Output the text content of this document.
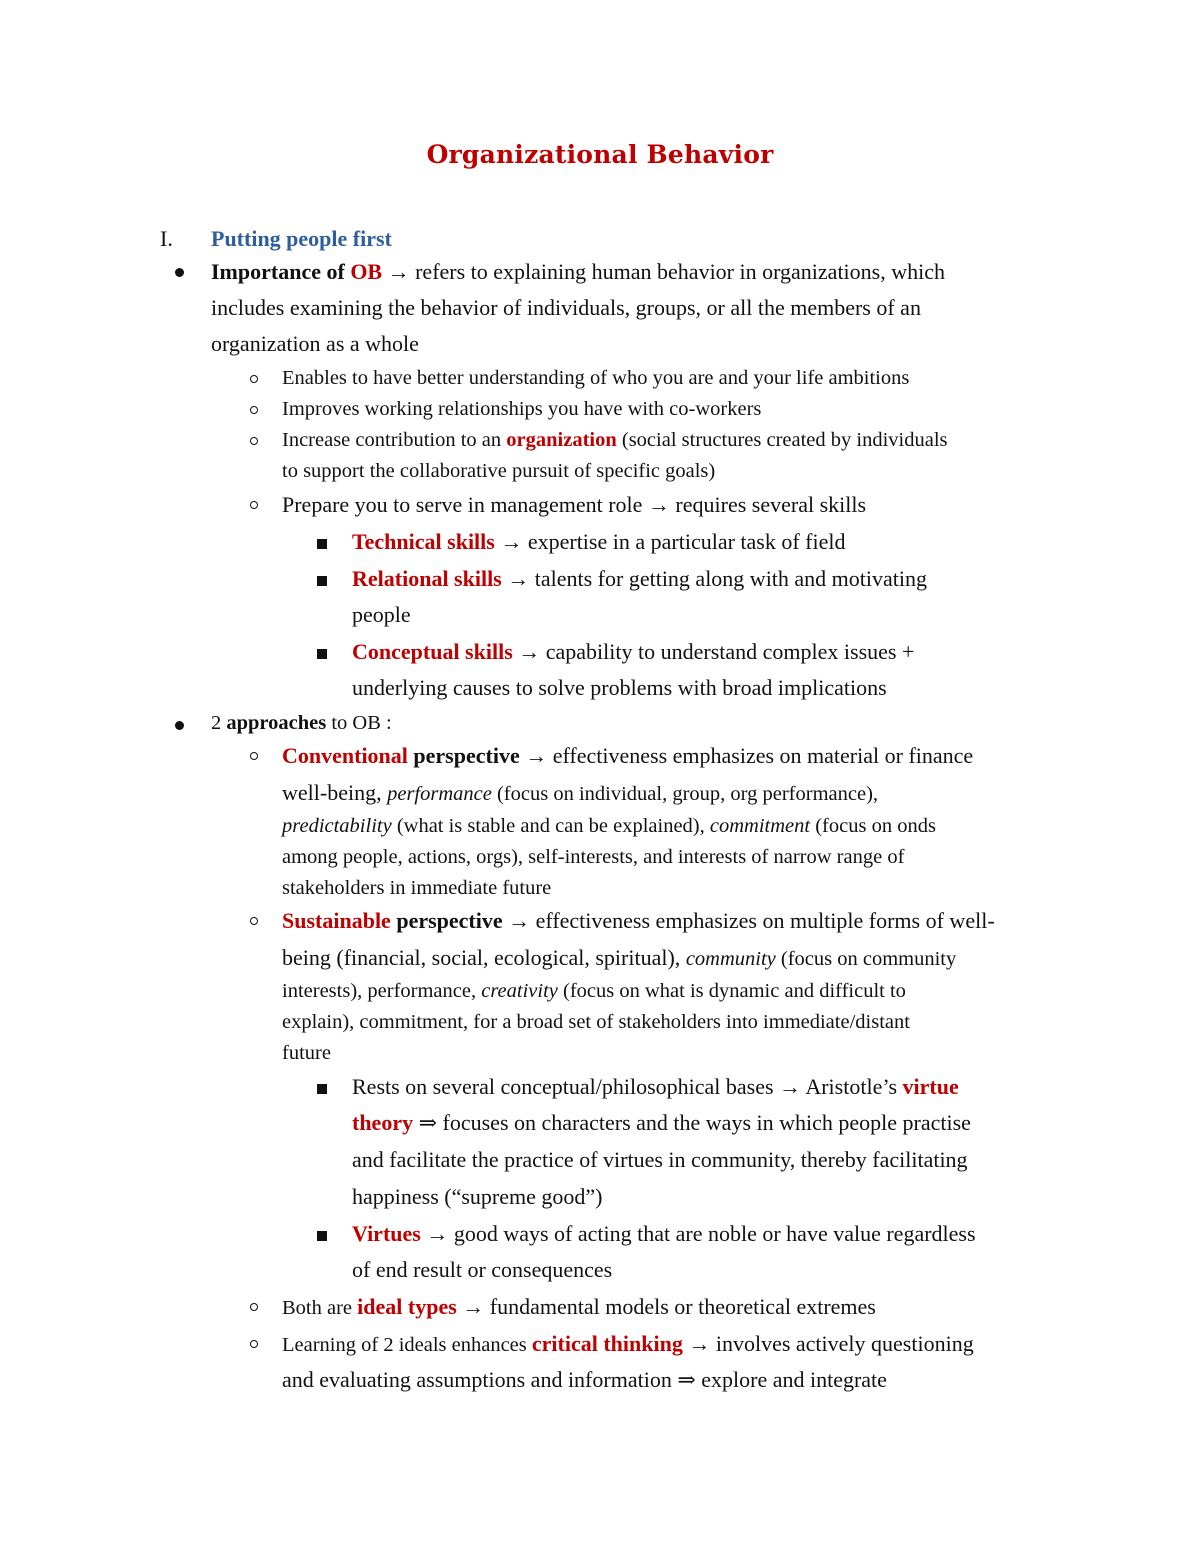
Organizational Behavior
I. Putting people first
Importance of OB → refers to explaining human behavior in organizations, which
includes examining the behavior of individuals, groups, or all the members of an
organization as a whole
Enables to have better understanding of who you are and your life ambitions
Improves working relationships you have with co-workers
Increase contribution to an organization (social structures created by individuals
to support the collaborative pursuit of specific goals)
Prepare you to serve in management role → requires several skills
Technical skills → expertise in a particular task of field
Relational skills → talents for getting along with and motivating
people
Conceptual skills → capability to understand complex issues +
underlying causes to solve problems with broad implications
2 approaches to OB :
Conventional perspective → effectiveness emphasizes on material or finance
well-being, performance (focus on individual, group, org performance),
predictability (what is stable and can be explained), commitment (focus on onds
among people, actions, orgs), self-interests, and interests of narrow range of
stakeholders in immediate future
Sustainable perspective → effectiveness emphasizes on multiple forms of well-
being (financial, social, ecological, spiritual), community (focus on community
interests), performance, creativity (focus on what is dynamic and difficult to
explain), commitment, for a broad set of stakeholders into immediate/distant
future
Rests on several conceptual/philosophical bases → Aristotle’s virtue
theory ⇒ focuses on characters and the ways in which people practise
and facilitate the practice of virtues in community, thereby facilitating
happiness (“supreme good”)
Virtues → good ways of acting that are noble or have value regardless
of end result or consequences
Both are ideal types → fundamental models or theoretical extremes
Learning of 2 ideals enhances critical thinking → involves actively questioning
and evaluating assumptions and information ⇒ explore and integrate
